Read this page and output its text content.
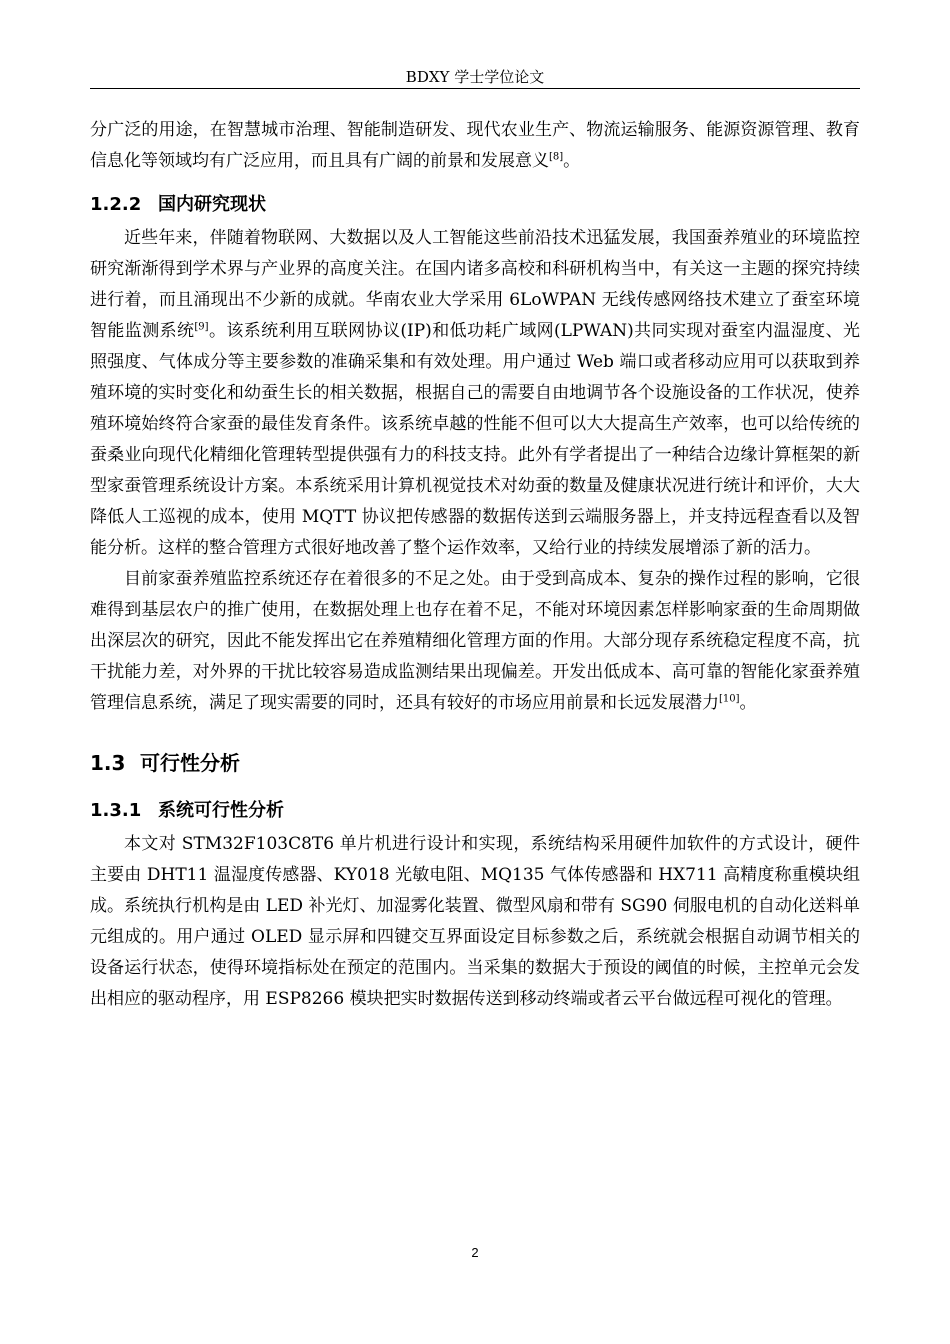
BDXY 学士学位论文

分广泛的用途，在智慧城市治理、智能制造研发、现代农业生产、物流运输服务、能源资源管理、教育信息化等领域均有广泛应用，而且具有广阔的前景和发展意义[8]。

1.2.2 国内研究现状

近些年来，伴随着物联网、大数据以及人工智能这些前沿技术迅猛发展，我国蚕养殖业的环境监控研究渐渐得到学术界与产业界的高度关注。在国内诸多高校和科研机构当中，有关这一主题的探究持续进行着，而且涌现出不少新的成就。华南农业大学采用 6LoWPAN 无线传感网络技术建立了蚕室环境智能监测系统[9]。该系统利用互联网协议(IP)和低功耗广域网(LPWAN)共同实现对蚕室内温湿度、光照强度、气体成分等主要参数的准确采集和有效处理。用户通过 Web 端口或者移动应用可以获取到养殖环境的实时变化和幼蚕生长的相关数据，根据自己的需要自由地调节各个设施设备的工作状况，使养殖环境始终符合家蚕的最佳发育条件。该系统卓越的性能不但可以大大提高生产效率，也可以给传统的蚕桑业向现代化精细化管理转型提供强有力的科技支持。此外有学者提出了一种结合边缘计算框架的新型家蚕管理系统设计方案。本系统采用计算机视觉技术对幼蚕的数量及健康状况进行统计和评价，大大降低人工巡视的成本，使用 MQTT 协议把传感器的数据传送到云端服务器上，并支持远程查看以及智能分析。这样的整合管理方式很好地改善了整个运作效率，又给行业的持续发展增添了新的活力。

目前家蚕养殖监控系统还存在着很多的不足之处。由于受到高成本、复杂的操作过程的影响，它很难得到基层农户的推广使用，在数据处理上也存在着不足，不能对环境因素怎样影响家蚕的生命周期做出深层次的研究，因此不能发挥出它在养殖精细化管理方面的作用。大部分现存系统稳定程度不高，抗干扰能力差，对外界的干扰比较容易造成监测结果出现偏差。开发出低成本、高可靠的智能化家蚕养殖管理信息系统，满足了现实需要的同时，还具有较好的市场应用前景和长远发展潜力[10]。

1.3 可行性分析
1.3.1 系统可行性分析

本文对 STM32F103C8T6 单片机进行设计和实现，系统结构采用硬件加软件的方式设计，硬件主要由 DHT11 温湿度传感器、KY018 光敏电阻、MQ135 气体传感器和 HX711 高精度称重模块组成。系统执行机构是由 LED 补光灯、加湿雾化装置、微型风扇和带有 SG90 伺服电机的自动化送料单元组成的。用户通过 OLED 显示屏和四键交互界面设定目标参数之后，系统就会根据自动调节相关的设备运行状态，使得环境指标处在预定的范围内。当采集的数据大于预设的阈值的时候，主控单元会发出相应的驱动程序，用 ESP8266 模块把实时数据传送到移动终端或者云平台做远程可视化的管理。

2
